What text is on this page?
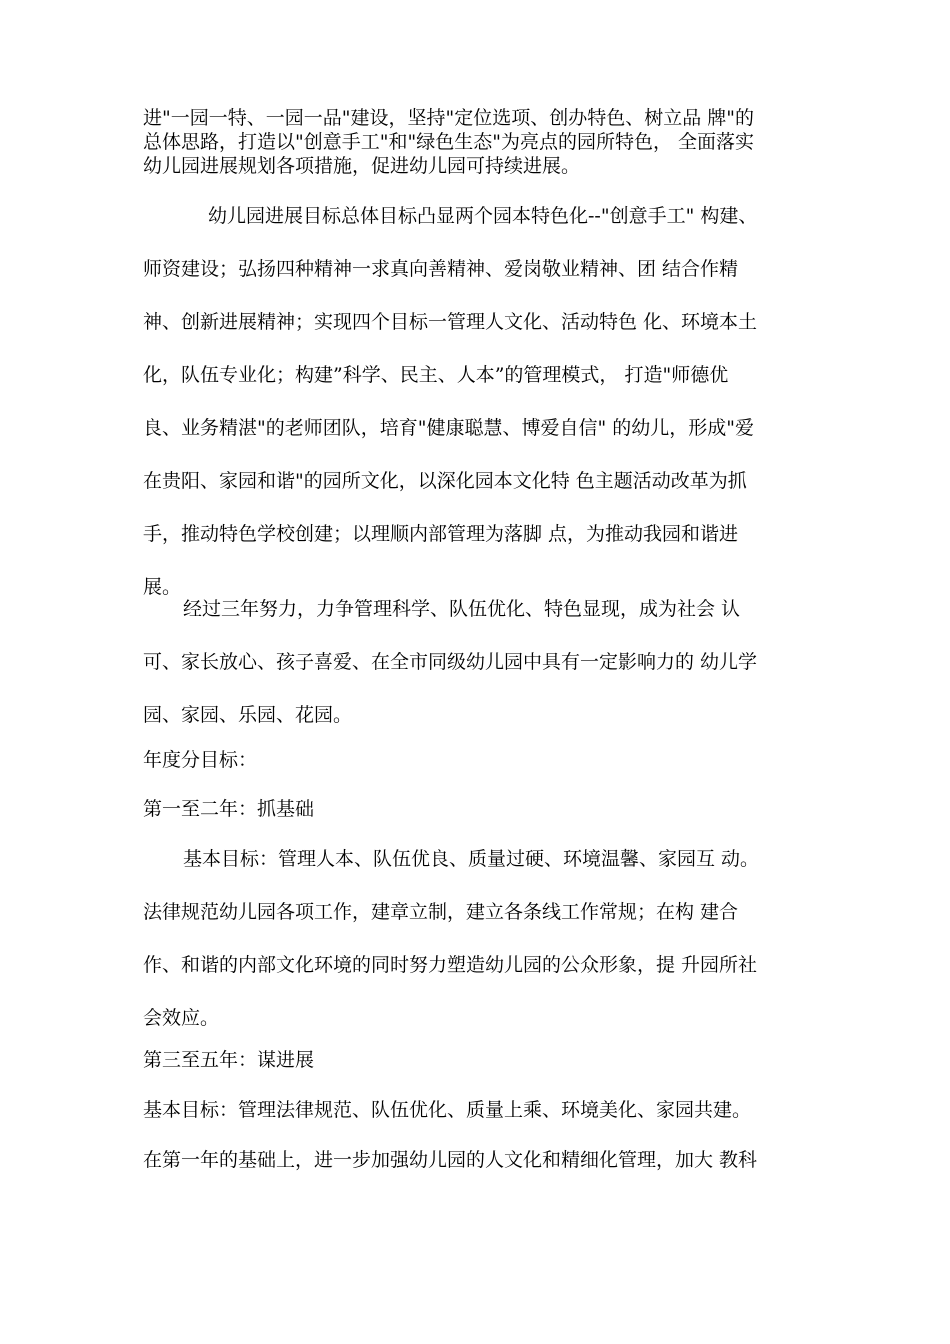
进"一园一特、一园一品"建设，坚持"定位选项、创办特色、树立品 牌"的
总体思路，打造以"创意手工"和"绿色生态"为亮点的园所特色， 全面落实
幼儿园进展规划各项措施，促进幼儿园可持续进展。
幼儿园进展目标总体目标凸显两个园本特色化--"创意手工" 构建、
师资建设；弘扬四种精神一求真向善精神、爱岗敬业精神、团 结合作精
神、创新进展精神；实现四个目标一管理人文化、活动特色 化、环境本土
化，队伍专业化；构建”科学、民主、人本”的管理模式， 打造"师德优
良、业务精湛"的老师团队，培育"健康聪慧、博爱自信" 的幼儿，形成"爱
在贵阳、家园和谐"的园所文化，以深化园本文化特 色主题活动改革为抓
手，推动特色学校创建；以理顺内部管理为落脚 点，为推动我园和谐进
展。
经过三年努力，力争管理科学、队伍优化、特色显现，成为社会 认
可、家长放心、孩子喜爱、在全市同级幼儿园中具有一定影响力的 幼儿学
园、家园、乐园、花园。
年度分目标：
第一至二年：抓基础
基本目标：管理人本、队伍优良、质量过硬、环境温馨、家园互 动。
法律规范幼儿园各项工作，建章立制，建立各条线工作常规；在构 建合
作、和谐的内部文化环境的同时努力塑造幼儿园的公众形象，提 升园所社
会效应。
第三至五年：谋进展
基本目标：管理法律规范、队伍优化、质量上乘、环境美化、家园共建。
在第一年的基础上，进一步加强幼儿园的人文化和精细化管理，加大 教科
